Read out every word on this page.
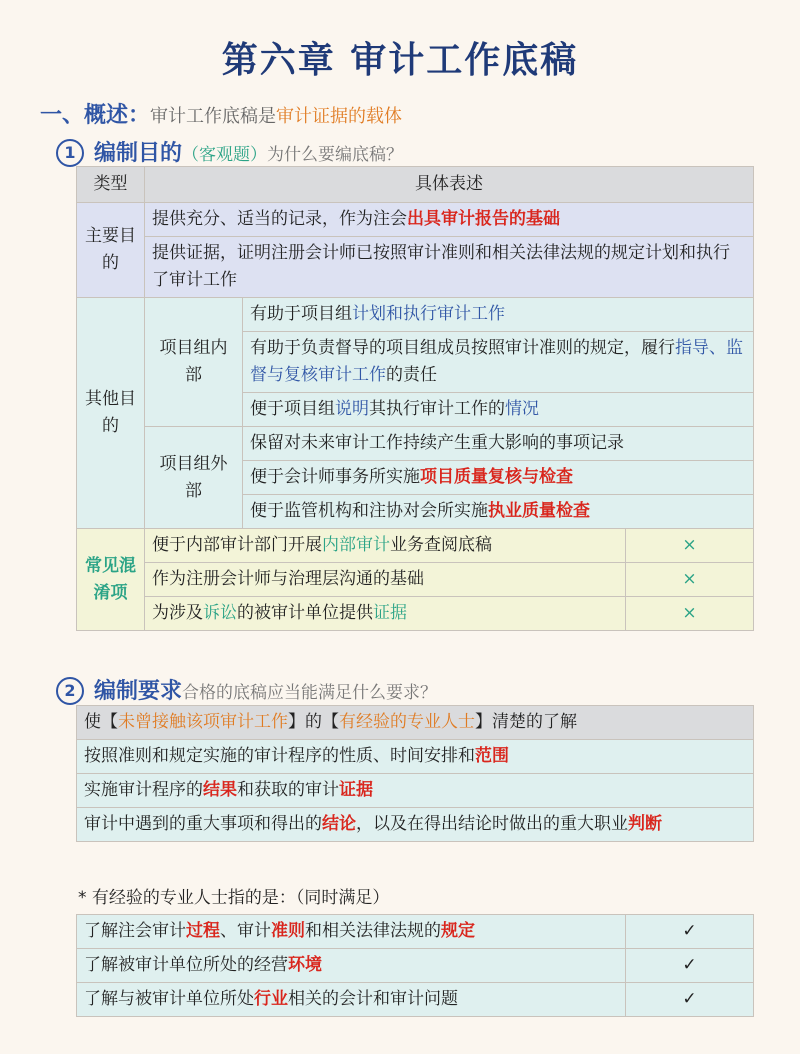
第六章 审计工作底稿
一、概述：审计工作底稿是审计证据的载体
1 编制目的（客观题）为什么要编底稿？
类型	具体表述		
主要目的	提供充分、适当的记录，作为注会出具审计报告的基础		
	提供证据，证明注册会计师已按照审计准则和相关法律法规的规定计划和执行了审计工作		
其他目的	项目组内部	有助于项目组计划和执行审计工作	
		有助于负责督导的项目组成员按照审计准则的规定，履行指导、监督与复核审计工作的责任	
		便于项目组说明其执行审计工作的情况	
	项目组外部	保留对未来审计工作持续产生重大影响的事项记录	
		便于会计师事务所实施项目质量复核与检查	
		便于监管机构和注协对会所实施执业质量检查	
常见混淆项	便于内部审计部门开展内部审计业务查阅底稿		×
	作为注册会计师与治理层沟通的基础		×
	为涉及诉讼的被审计单位提供证据		×
2 编制要求合格的底稿应当能满足什么要求？
使【未曾接触该项审计工作】的【有经验的专业人士】清楚的了解
按照准则和规定实施的审计程序的性质、时间安排和范围
实施审计程序的结果和获取的审计证据
审计中遇到的重大事项和得出的结论，以及在得出结论时做出的重大职业判断
* 有经验的专业人士指的是：（同时满足）
了解注会审计过程、审计准则和相关法律法规的规定	✓
了解被审计单位所处的经营环境	✓
了解与被审计单位所处行业相关的会计和审计问题	✓
